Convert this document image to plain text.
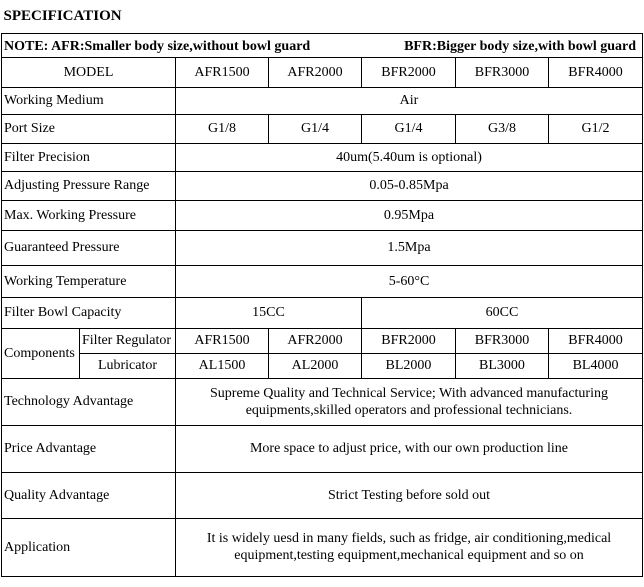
SPECIFICATION						
NOTE: AFR:Smaller body size,without bowl guard BFR:Bigger body size,with bowl guard						

MODEL		AFR1500	AFR2000	BFR2000	BFR3000	BFR4000
Working Medium		Air				
Port Size		G1/8	G1/4	G1/4	G3/8	G1/2
Filter Precision		40um(5.40um is optional)				
Adjusting Pressure Range		0.05-0.85Mpa				
Max. Working Pressure		0.95Mpa				
Guaranteed Pressure		1.5Mpa				
Working Temperature		5-60°C				
Filter Bowl Capacity		15CC		60CC		
Components	Filter Regulator	AFR1500	AFR2000	BFR2000	BFR3000	BFR4000
	Lubricator	AL1500	AL2000	BL2000	BL3000	BL4000
Technology Advantage		Supreme Quality and Technical Service; With advanced manufacturing
equipments,skilled operators and professional technicians.				

Price Advantage		More space to adjust price, with our own production line				
Quality Advantage		Strict Testing before sold out				
Application		It is widely uesd in many fields, such as fridge, air conditioning,medical
equipment,testing equipment,mechanical equipment and so on				
